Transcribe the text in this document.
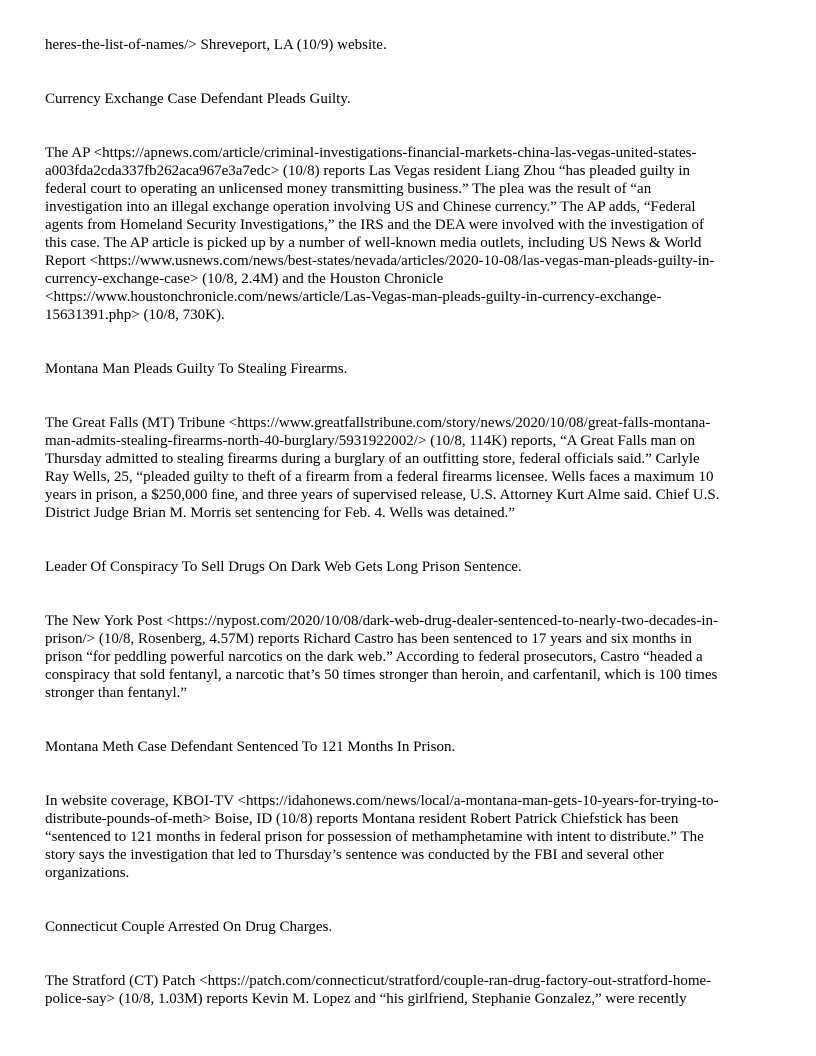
heres-the-list-of-names/> Shreveport, LA (10/9) website.

Currency Exchange Case Defendant Pleads Guilty.

The AP <https://apnews.com/article/criminal-investigations-financial-markets-china-las-vegas-united-states-
a003fda2cda337fb262aca967e3a7edc> (10/8) reports Las Vegas resident Liang Zhou “has pleaded guilty in
federal court to operating an unlicensed money transmitting business.” The plea was the result of “an
investigation into an illegal exchange operation involving US and Chinese currency.” The AP adds, “Federal
agents from Homeland Security Investigations,” the IRS and the DEA were involved with the investigation of
this case. The AP article is picked up by a number of well-known media outlets, including US News & World
Report <https://www.usnews.com/news/best-states/nevada/articles/2020-10-08/las-vegas-man-pleads-guilty-in-
currency-exchange-case> (10/8, 2.4M) and the Houston Chronicle
<https://www.houstonchronicle.com/news/article/Las-Vegas-man-pleads-guilty-in-currency-exchange-
15631391.php> (10/8, 730K).

Montana Man Pleads Guilty To Stealing Firearms.

The Great Falls (MT) Tribune <https://www.greatfallstribune.com/story/news/2020/10/08/great-falls-montana-
man-admits-stealing-firearms-north-40-burglary/5931922002/> (10/8, 114K) reports, “A Great Falls man on
Thursday admitted to stealing firearms during a burglary of an outfitting store, federal officials said.” Carlyle
Ray Wells, 25, “pleaded guilty to theft of a firearm from a federal firearms licensee. Wells faces a maximum 10
years in prison, a $250,000 fine, and three years of supervised release, U.S. Attorney Kurt Alme said. Chief U.S.
District Judge Brian M. Morris set sentencing for Feb. 4. Wells was detained.”

Leader Of Conspiracy To Sell Drugs On Dark Web Gets Long Prison Sentence.

The New York Post <https://nypost.com/2020/10/08/dark-web-drug-dealer-sentenced-to-nearly-two-decades-in-
prison/> (10/8, Rosenberg, 4.57M) reports Richard Castro has been sentenced to 17 years and six months in
prison “for peddling powerful narcotics on the dark web.” According to federal prosecutors, Castro “headed a
conspiracy that sold fentanyl, a narcotic that’s 50 times stronger than heroin, and carfentanil, which is 100 times
stronger than fentanyl.”

Montana Meth Case Defendant Sentenced To 121 Months In Prison.

In website coverage, KBOI-TV <https://idahonews.com/news/local/a-montana-man-gets-10-years-for-trying-to-
distribute-pounds-of-meth> Boise, ID (10/8) reports Montana resident Robert Patrick Chiefstick has been
“sentenced to 121 months in federal prison for possession of methamphetamine with intent to distribute.” The
story says the investigation that led to Thursday’s sentence was conducted by the FBI and several other
organizations.

Connecticut Couple Arrested On Drug Charges.

The Stratford (CT) Patch <https://patch.com/connecticut/stratford/couple-ran-drug-factory-out-stratford-home-
police-say> (10/8, 1.03M) reports Kevin M. Lopez and “his girlfriend, Stephanie Gonzalez,” were recently
